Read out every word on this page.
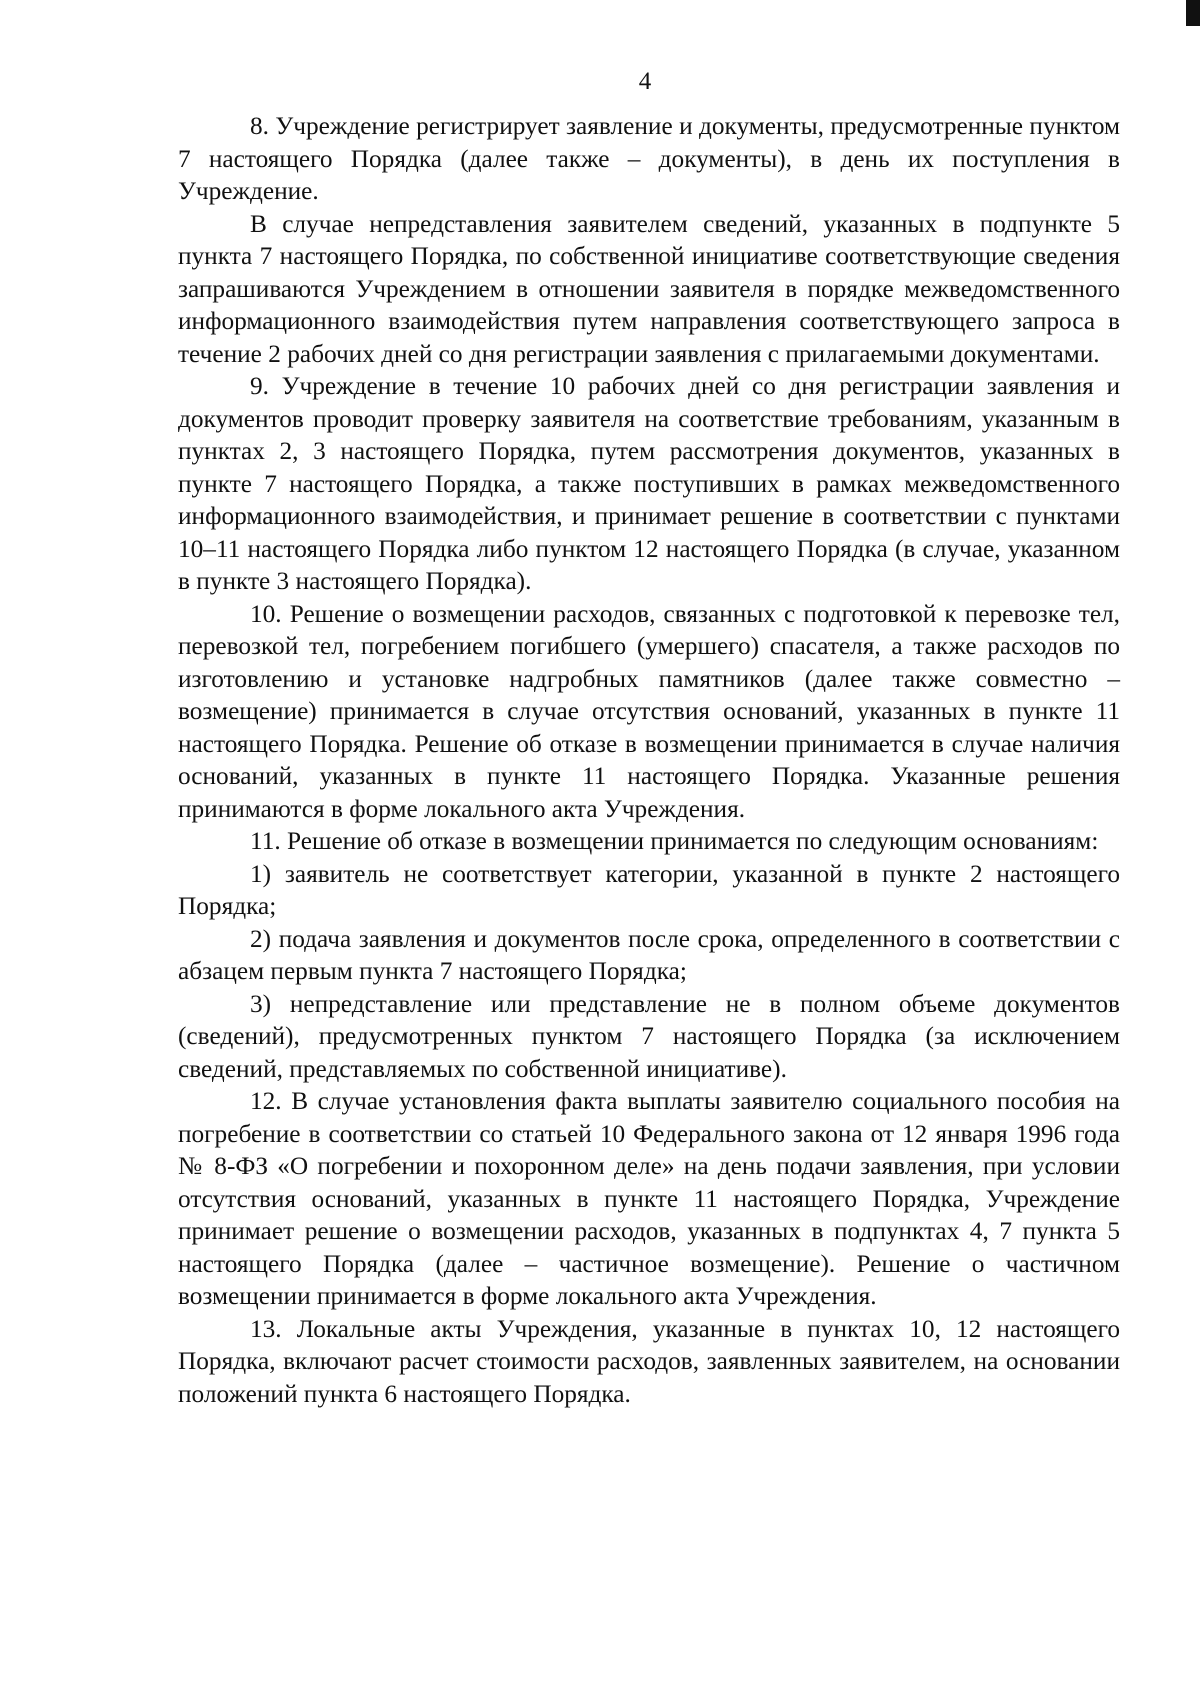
4

8. Учреждение регистрирует заявление и документы, предусмотренные пунктом 7 настоящего Порядка (далее также – документы), в день их поступления в Учреждение.

В случае непредставления заявителем сведений, указанных в подпункте 5 пункта 7 настоящего Порядка, по собственной инициативе соответствующие сведения запрашиваются Учреждением в отношении заявителя в порядке межведомственного информационного взаимодействия путем направления соответствующего запроса в течение 2 рабочих дней со дня регистрации заявления с прилагаемыми документами.

9. Учреждение в течение 10 рабочих дней со дня регистрации заявления и документов проводит проверку заявителя на соответствие требованиям, указанным в пунктах 2, 3 настоящего Порядка, путем рассмотрения документов, указанных в пункте 7 настоящего Порядка, а также поступивших в рамках межведомственного информационного взаимодействия, и принимает решение в соответствии с пунктами 10–11 настоящего Порядка либо пунктом 12 настоящего Порядка (в случае, указанном в пункте 3 настоящего Порядка).

10. Решение о возмещении расходов, связанных с подготовкой к перевозке тел, перевозкой тел, погребением погибшего (умершего) спасателя, а также расходов по изготовлению и установке надгробных памятников (далее также совместно – возмещение) принимается в случае отсутствия оснований, указанных в пункте 11 настоящего Порядка. Решение об отказе в возмещении принимается в случае наличия оснований, указанных в пункте 11 настоящего Порядка. Указанные решения принимаются в форме локального акта Учреждения.

11. Решение об отказе в возмещении принимается по следующим основаниям:

1) заявитель не соответствует категории, указанной в пункте 2 настоящего Порядка;

2) подача заявления и документов после срока, определенного в соответствии с абзацем первым пункта 7 настоящего Порядка;

3) непредставление или представление не в полном объеме документов (сведений), предусмотренных пунктом 7 настоящего Порядка (за исключением сведений, представляемых по собственной инициативе).

12. В случае установления факта выплаты заявителю социального пособия на погребение в соответствии со статьей 10 Федерального закона от 12 января 1996 года № 8-ФЗ «О погребении и похоронном деле» на день подачи заявления, при условии отсутствия оснований, указанных в пункте 11 настоящего Порядка, Учреждение принимает решение о возмещении расходов, указанных в подпунктах 4, 7 пункта 5 настоящего Порядка (далее – частичное возмещение). Решение о частичном возмещении принимается в форме локального акта Учреждения.

13. Локальные акты Учреждения, указанные в пунктах 10, 12 настоящего Порядка, включают расчет стоимости расходов, заявленных заявителем, на основании положений пункта 6 настоящего Порядка.
